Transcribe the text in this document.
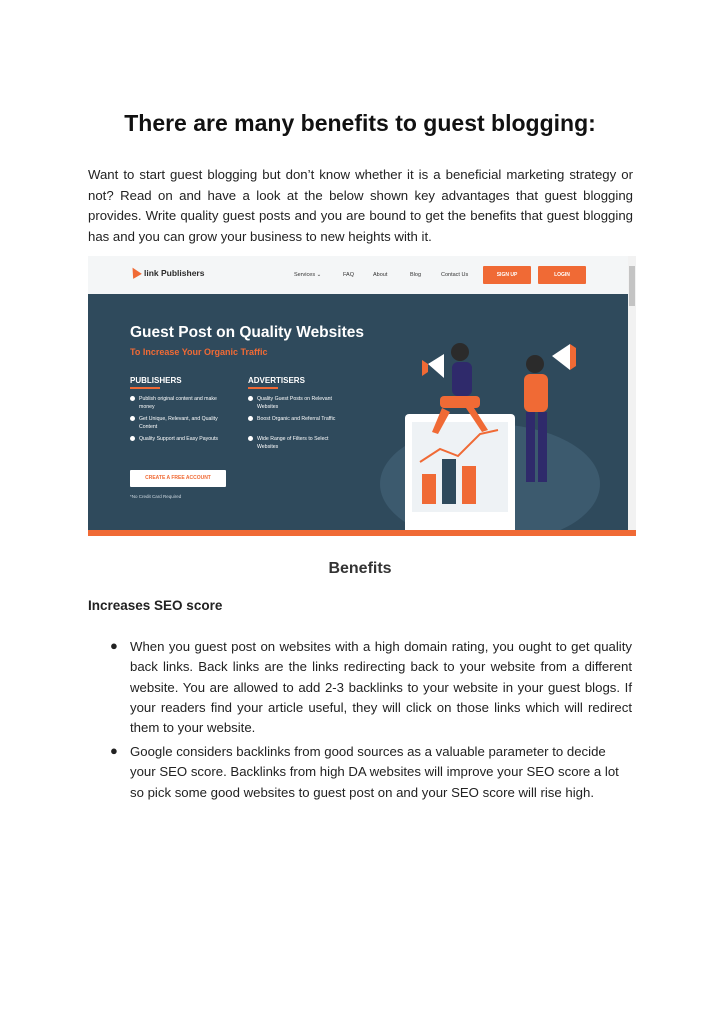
There are many benefits to guest blogging:
Want to start guest blogging but don’t know whether it is a beneficial marketing strategy or not? Read on and have a look at the below shown key advantages that guest blogging provides. Write quality guest posts and you are bound to get the benefits that guest blogging has and you can grow your business to new heights with it.
link Publishers	Services ⌄	FAQ	About	Blog	Contact Us	SIGN UP	LOGIN
Guest Post on Quality Websites
To Increase Your Organic Traffic
PUBLISHERS	ADVERTISERS
Publish original content and make money
Get Unique, Relevant, and Quality Content
Quality Support and Easy Payouts
Quality Guest Posts on Relevant Websites
Boost Organic and Referral Traffic
Wide Range of Filters to Select Websites
CREATE A FREE ACCOUNT
*No Credit Card Required
Benefits
Increases SEO score
● When you guest post on websites with a high domain rating, you ought to get quality back links. Back links are the links redirecting back to your website from a different website. You are allowed to add 2-3 backlinks to your website in your guest blogs. If your readers find your article useful, they will click on those links which will redirect them to your website.
● Google considers backlinks from good sources as a valuable parameter to decide your SEO score. Backlinks from high DA websites will improve your SEO score a lot so pick some good websites to guest post on and your SEO score will rise high.
